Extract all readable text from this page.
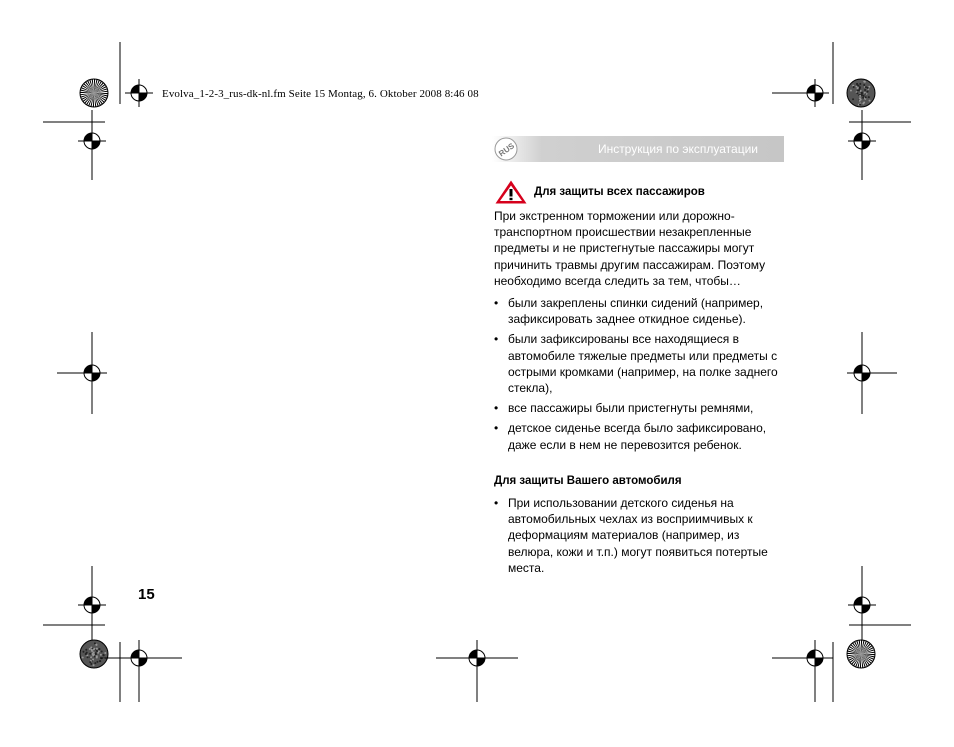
Evolva_1-2-3_rus-dk-nl.fm Seite 15 Montag, 6. Oktober 2008 8:46 08
RUS	Инструкция по эксплуатации
Для защиты всех пассажиров

При экстренном торможении или дорожно-транспортном происшествии незакрепленные предметы и не пристегнутые пассажиры могут причинить травмы другим пассажирам. Поэтому необходимо всегда следить за тем, чтобы…

• были закреплены спинки сидений (например, зафиксировать заднее откидное сиденье).
• были зафиксированы все находящиеся в автомобиле тяжелые предметы или предметы с острыми кромками (например, на полке заднего стекла),
• все пассажиры были пристегнуты ремнями,
• детское сиденье всегда было зафиксировано, даже если в нем не перевозится ребенок.
Для защиты Вашего автомобиля
• При использовании детского сиденья на автомобильных чехлах из восприимчивых к деформациям материалов (например, из велюра, кожи и т.п.) могут появиться потертые места.
15
